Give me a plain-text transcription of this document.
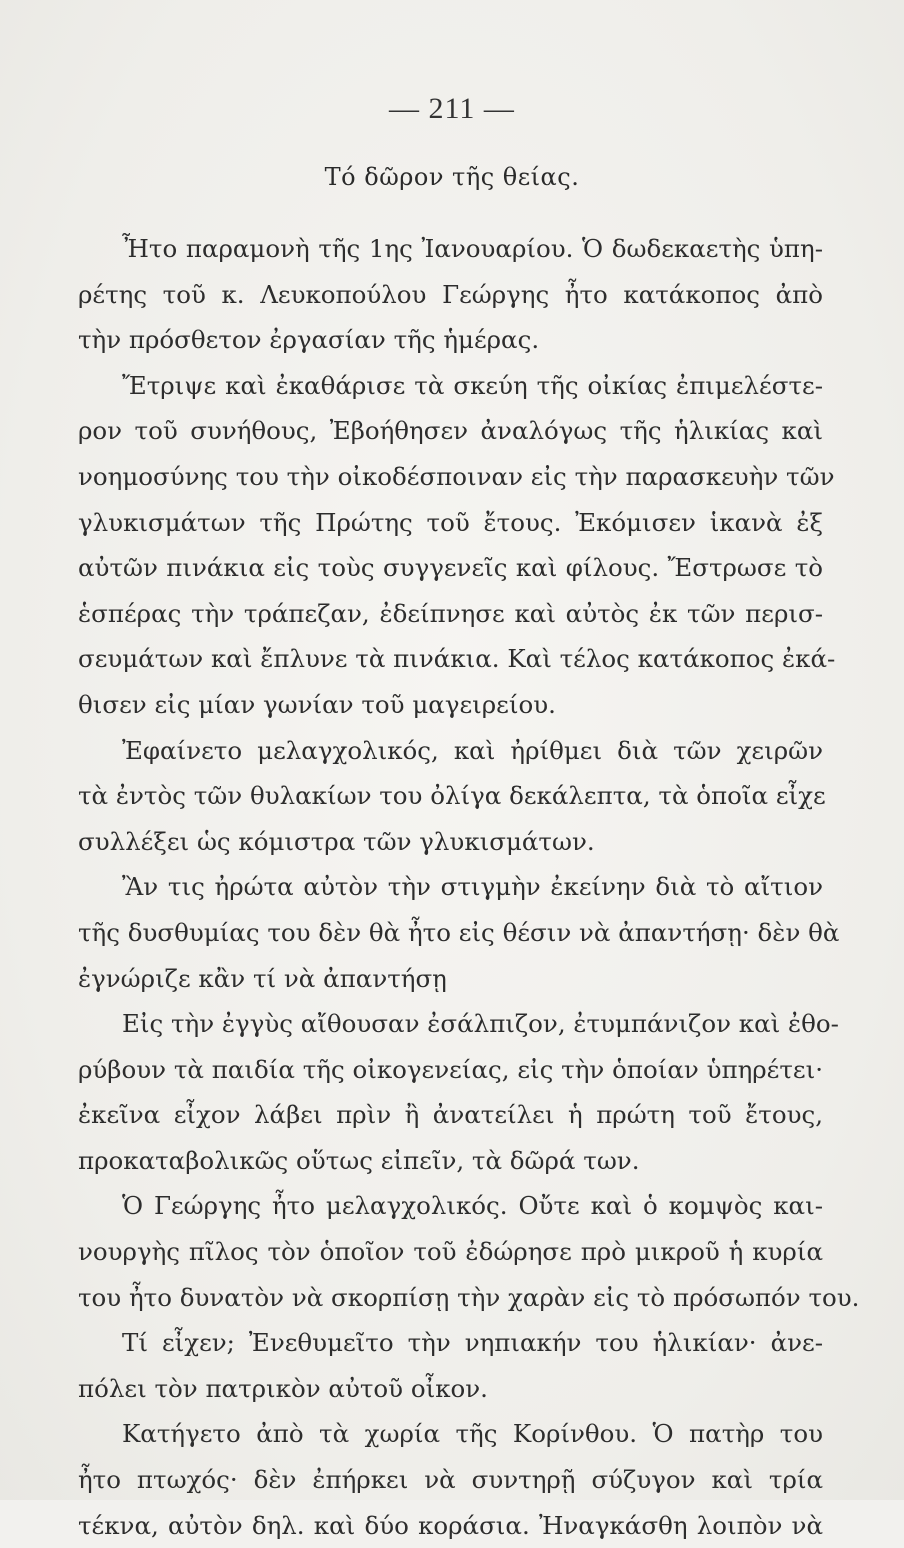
— 211 —
Τό δῶρον τῆς θείας.
Ἦτο παραμονὴ τῆς 1ης Ἰανουαρίου. Ὁ δωδεκαετὴς ὑπη-
ρέτης τοῦ κ. Λευκοπούλου Γεώργης ἦτο κατάκοπος ἀπὸ
τὴν πρόσθετον ἐργασίαν τῆς ἡμέρας.
Ἔτριψε καὶ ἐκαθάρισε τὰ σκεύη τῆς οἰκίας ἐπιμελέστε-
ρον τοῦ συνήθους, Ἐβοήθησεν ἀναλόγως τῆς ἡλικίας καὶ
νοημοσύνης του τὴν οἰκοδέσποιναν εἰς τὴν παρασκευὴν τῶν
γλυκισμάτων τῆς Πρώτης τοῦ ἔτους. Ἐκόμισεν ἱκανὰ ἐξ
αὐτῶν πινάκια εἰς τοὺς συγγενεῖς καὶ φίλους. Ἔστρωσε τὸ
ἑσπέρας τὴν τράπεζαν, ἐδείπνησε καὶ αὐτὸς ἐκ τῶν περισ-
σευμάτων καὶ ἔπλυνε τὰ πινάκια. Καὶ τέλος κατάκοπος ἐκά-
θισεν εἰς μίαν γωνίαν τοῦ μαγειρείου.
Ἐφαίνετο μελαγχολικός, καὶ ἠρίθμει διὰ τῶν χειρῶν
τὰ ἐντὸς τῶν θυλακίων του ὀλίγα δεκάλεπτα, τὰ ὁποῖα εἶχε
συλλέξει ὡς κόμιστρα τῶν γλυκισμάτων.
Ἂν τις ἠρώτα αὐτὸν τὴν στιγμὴν ἐκείνην διὰ τὸ αἴτιον
τῆς δυσθυμίας του δὲν θὰ ἦτο εἰς θέσιν νὰ ἀπαντήσῃ· δὲν θὰ
ἐγνώριζε κἂν τί νὰ ἀπαντήσῃ
Εἰς τὴν ἐγγὺς αἴθουσαν ἐσάλπιζον, ἐτυμπάνιζον καὶ ἐθο-
ρύβουν τὰ παιδία τῆς οἰκογενείας, εἰς τὴν ὁποίαν ὑπηρέτει·
ἐκεῖνα εἶχον λάβει πρὶν ἢ ἀνατείλει ἡ πρώτη τοῦ ἔτους,
προκαταβολικῶς οὕτως εἰπεῖν, τὰ δῶρά των.
Ὁ Γεώργης ἦτο μελαγχολικός. Οὔτε καὶ ὁ κομψὸς και-
νουργὴς πῖλος τὸν ὁποῖον τοῦ ἐδώρησε πρὸ μικροῦ ἡ κυρία
του ἦτο δυνατὸν νὰ σκορπίσῃ τὴν χαρὰν εἰς τὸ πρόσωπόν του.
Τί εἶχεν; Ἐνεθυμεῖτο τὴν νηπιακήν του ἡλικίαν· ἀνε-
πόλει τὸν πατρικὸν αὐτοῦ οἶκον.
Κατήγετο ἀπὸ τὰ χωρία τῆς Κορίνθου. Ὁ πατὴρ του
ἦτο πτωχός· δὲν ἐπήρκει νὰ συντηρῇ σύζυγον καὶ τρία
τέκνα, αὐτὸν δηλ. καὶ δύο κοράσια. Ἠναγκάσθη λοιπὸν νὰ
